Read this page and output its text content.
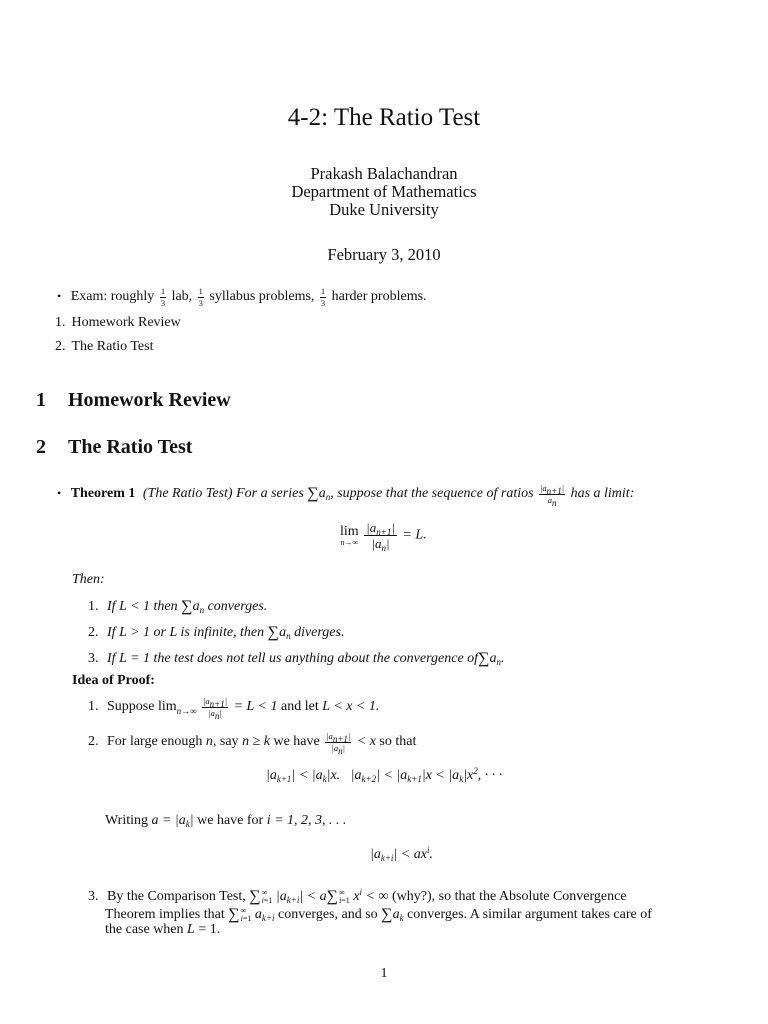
4-2: The Ratio Test
Prakash Balachandran
Department of Mathematics
Duke University
February 3, 2010
• Exam: roughly $\frac{1}{3}$ lab, $\frac{1}{3}$ syllabus problems, $\frac{1}{3}$ harder problems.
1. Homework Review
2. The Ratio Test
1 Homework Review
2 The Ratio Test
• Theorem 1 (The Ratio Test) For a series $\sum a_n$, suppose that the sequence of ratios $\frac{|a_{n+1}|}{a_n}$ has a limit:
lim
n→∞
$\frac{|a_{n+1}|}{|a_n|} = L$.
Then:
1. If L < 1 then $\sum a_n$ converges.
2. If L > 1 or L is infinite, then $\sum a_n$ diverges.
3. If L = 1 the test does not tell us anything about the convergence $of\sum a_n$.
Idea of Proof:
1. Suppose $\lim_{n\to\infty} \frac{|a_{n+1}|}{|a_n|} = L < 1$ and let L < x < 1.
2. For large enough n, say n ≥ k we have $\frac{|a_{n+1}|}{|a_n|} < x$ so that
$|a_{k+1}| < |a_k|x$.   $|a_{k+2}| < |a_{k+1}|x < |a_k|x^2$, · · ·
Writing $a = |a_k|$ we have for i = 1, 2, 3, . . .
$|a_{k+i}| < ax^i$.
3. By the Comparison Test, ∑ ∞
i=1 $|a_{k+i}| < a\sum$ ∞
i=1 $x^i$ < ∞ (why?), so that the Absolute Convergence
Theorem implies that ∑ ∞
i=1 $a_{k+i}$ converges, and so $\sum a_k$ converges. A similar argument takes care of
the case when L = 1.
1
